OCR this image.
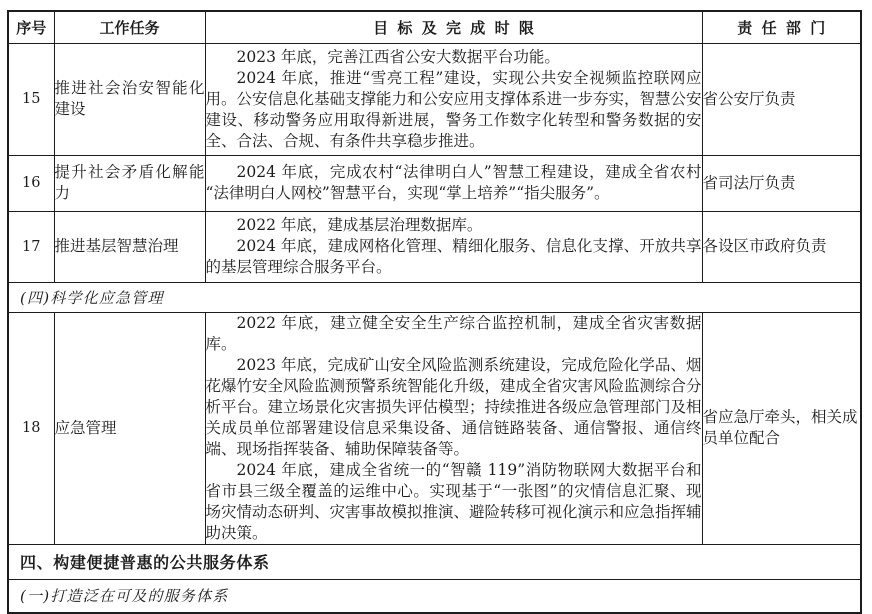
序号	工作任务	目标及完成时限	责任部门
15	推进社会治安智能化建设	2023 年底，完善江西省公安大数据平台功能。

2024 年底，推进“雪亮工程”建设，实现公共安全视频监控联网应用。公安信息化基础支撑能力和公安应用支撑体系进一步夯实，智慧公安建设、移动警务应用取得新进展，警务工作数字化转型和警务数据的安全、合法、合规、有条件共享稳步推进。	省公安厅负责
16	提升社会矛盾化解能力	2024 年底，完成农村“法律明白人”智慧工程建设，建成全省农村“法律明白人网校”智慧平台，实现“掌上培养”“指尖服务”。	省司法厅负责
17	推进基层智慧治理	2022 年底，建成基层治理数据库。

2024 年底，建成网格化管理、精细化服务、信息化支撑、开放共享的基层管理综合服务平台。	各设区市政府负责
(四)科学化应急管理			
18	应急管理	2022 年底，建立健全安全生产综合监控机制，建成全省灾害数据库。

2023 年底，完成矿山安全风险监测系统建设，完成危险化学品、烟花爆竹安全风险监测预警系统智能化升级，建成全省灾害风险监测综合分析平台。建立场景化灾害损失评估模型；持续推进各级应急管理部门及相关成员单位部署建设信息采集设备、通信链路装备、通信警报、通信终端、现场指挥装备、辅助保障装备等。

2024 年底，建成全省统一的“智赣 119”消防物联网大数据平台和省市县三级全覆盖的运维中心。实现基于“一张图”的灾情信息汇聚、现场灾情动态研判、灾害事故模拟推演、避险转移可视化演示和应急指挥辅助决策。	省应急厅牵头，相关成员单位配合
四、构建便捷普惠的公共服务体系			
(一)打造泛在可及的服务体系			
